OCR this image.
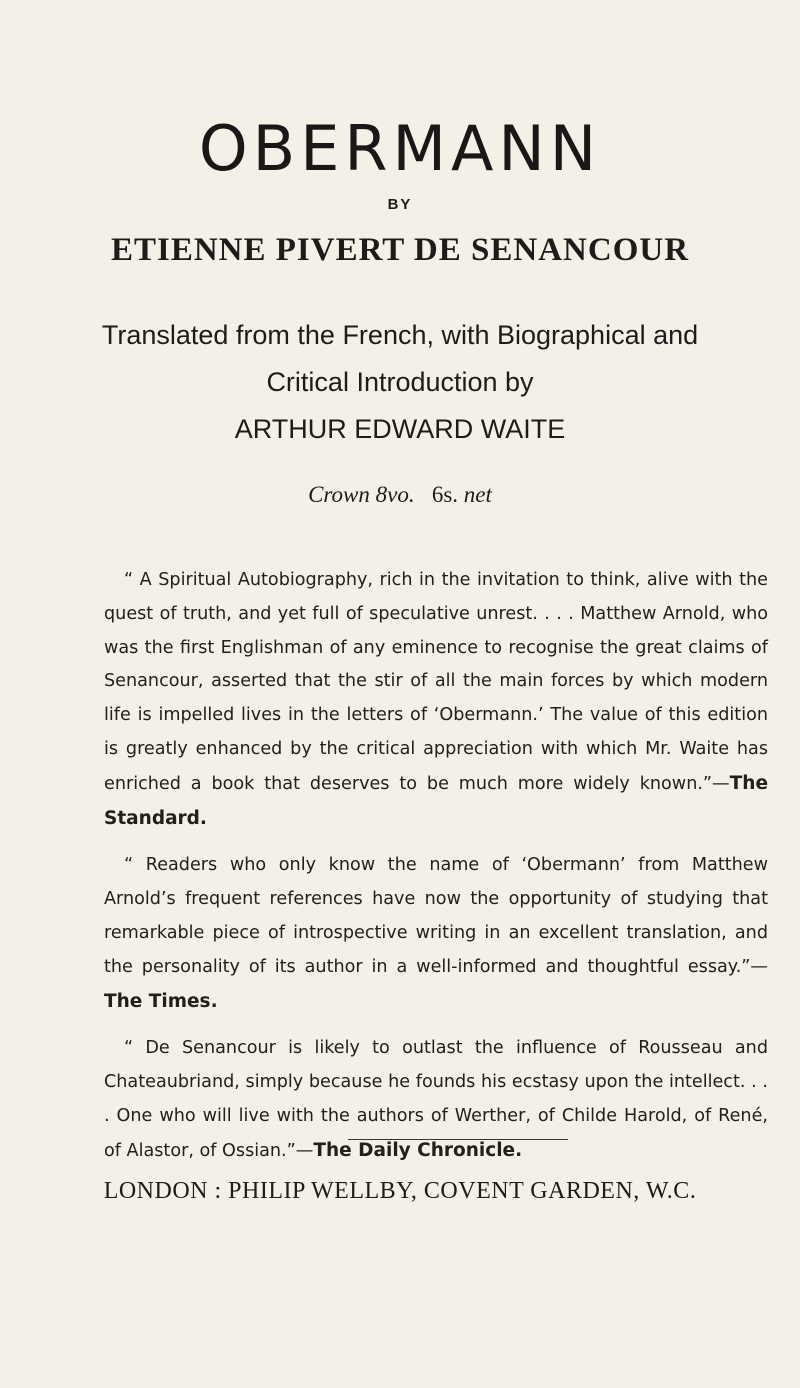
OBERMANN
BY
ETIENNE PIVERT DE SENANCOUR
Translated from the French, with Biographical and
Critical Introduction by
ARTHUR EDWARD WAITE
Crown 8vo. 6s. net

“ A Spiritual Autobiography, rich in the invitation to think, alive with the quest of truth, and yet full of speculative unrest. . . . Matthew Arnold, who was the first Englishman of any eminence to recognise the great claims of Senancour, asserted that the stir of all the main forces by which modern life is impelled lives in the letters of ‘Obermann.’ The value of this edition is greatly enhanced by the critical appreciation with which Mr. Waite has enriched a book that deserves to be much more widely known.”—The Standard.

“ Readers who only know the name of ‘Obermann’ from Matthew Arnold’s frequent references have now the opportunity of studying that remarkable piece of introspective writing in an excellent translation, and the personality of its author in a well-informed and thoughtful essay.”—The Times.

“ De Senancour is likely to outlast the influence of Rousseau and Chateaubriand, simply because he founds his ecstasy upon the intellect. . . . One who will live with the authors of Werther, of Childe Harold, of René, of Alastor, of Ossian.”—The Daily Chronicle.

LONDON : PHILIP WELLBY, COVENT GARDEN, W.C.
